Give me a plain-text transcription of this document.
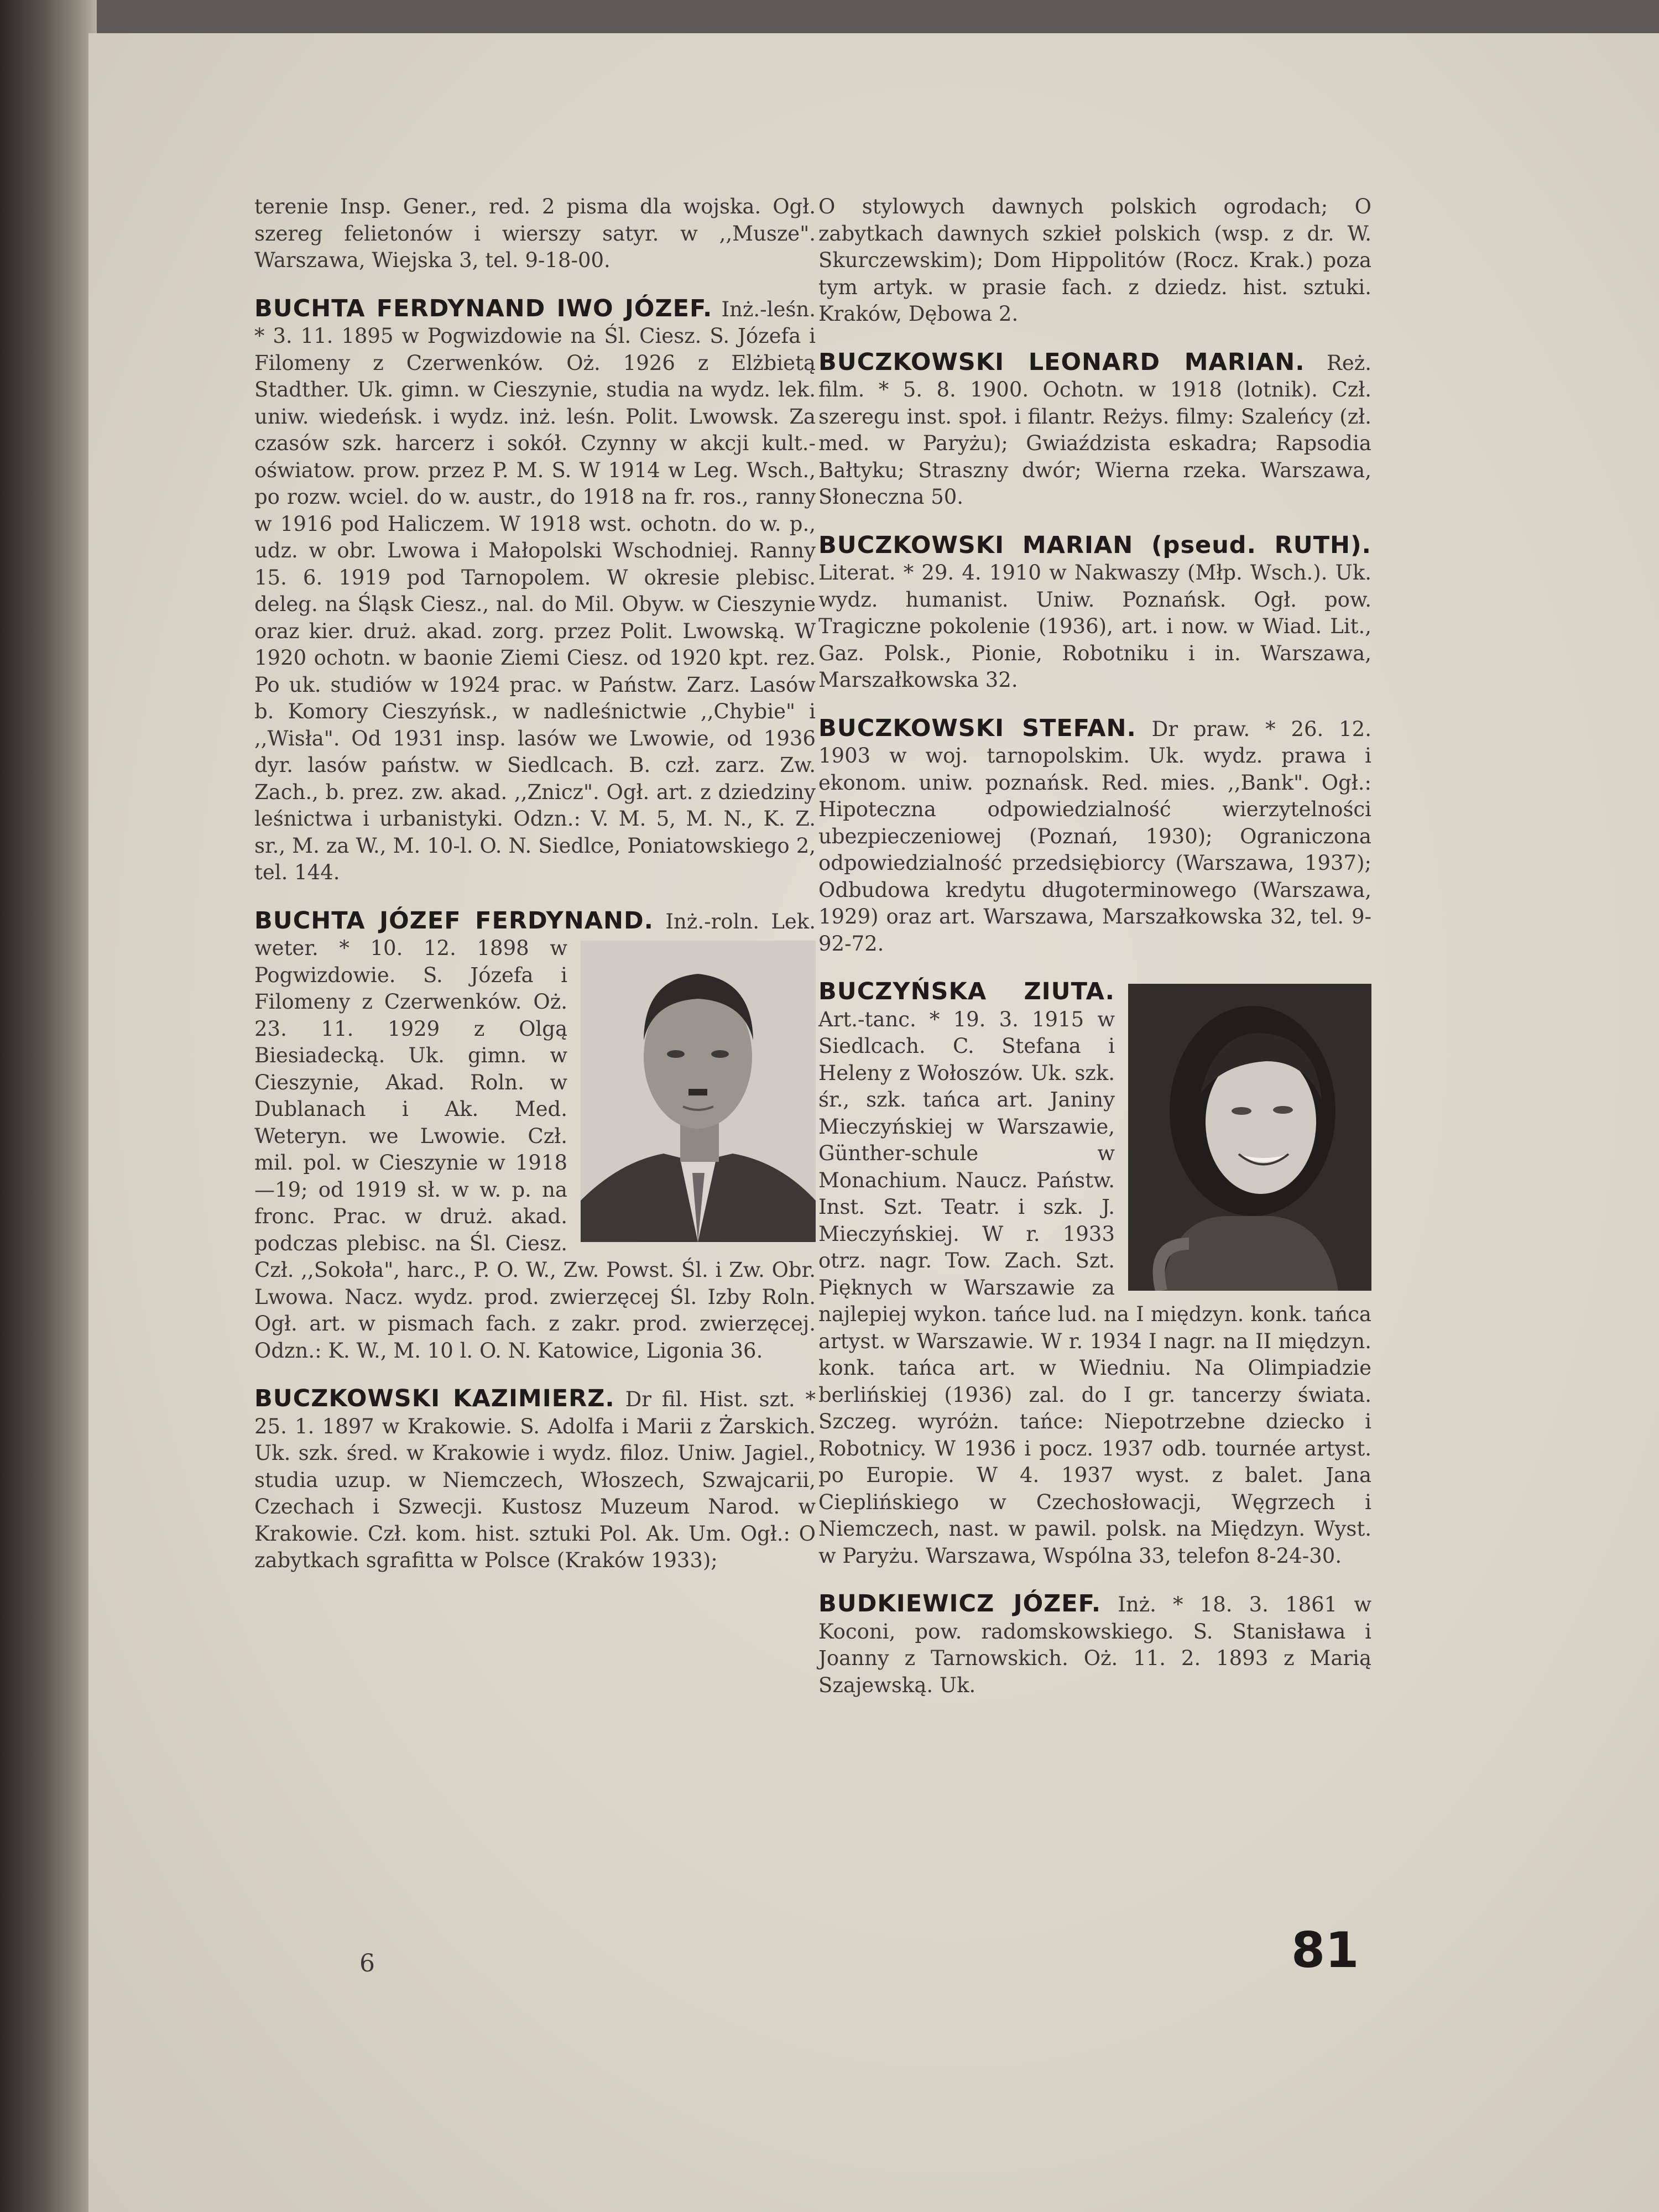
terenie Insp. Gener., red. 2 pisma dla wojska. Ogł. szereg felietonów i wierszy satyr. w ,,Musze". Warszawa, Wiejska 3, tel. 9-18-00.

BUCHTA FERDYNAND IWO JÓZEF. Inż.-leśn. * 3. 11. 1895 w Pogwizdowie na Śl. Ciesz. S. Józefa i Filomeny z Czerwenków. Oż. 1926 z Elżbietą Stadther. Uk. gimn. w Cieszynie, studia na wydz. lek. uniw. wiedeńsk. i wydz. inż. leśn. Polit. Lwowsk. Za czasów szk. harcerz i sokół. Czynny w akcji kult.-oświatow. prow. przez P. M. S. W 1914 w Leg. Wsch., po rozw. wciel. do w. austr., do 1918 na fr. ros., ranny w 1916 pod Haliczem. W 1918 wst. ochotn. do w. p., udz. w obr. Lwowa i Małopolski Wschodniej. Ranny 15. 6. 1919 pod Tarnopolem. W okresie plebisc. deleg. na Śląsk Ciesz., nal. do Mil. Obyw. w Cieszynie oraz kier. druż. akad. zorg. przez Polit. Lwowską. W 1920 ochotn. w baonie Ziemi Ciesz. od 1920 kpt. rez. Po uk. studiów w 1924 prac. w Państw. Zarz. Lasów b. Komory Cieszyńsk., w nadleśnictwie ,,Chybie" i ,,Wisła". Od 1931 insp. lasów we Lwowie, od 1936 dyr. lasów państw. w Siedlcach. B. czł. zarz. Zw. Zach., b. prez. zw. akad. ,,Znicz". Ogł. art. z dziedziny leśnictwa i urbanistyki. Odzn.: V. M. 5, M. N., K. Z. sr., M. za W., M. 10-l. O. N. Siedlce, Poniatowskiego 2, tel. 144.

BUCHTA JÓZEF FERDYNAND. Inż.-roln. Lek. weter. * 10. 12. 1898 w Pogwizdowie. S. Józefa i Filomeny z Czerwenków. Oż. 23. 11. 1929 z Olgą Biesiadecką. Uk. gimn. w Cieszynie, Akad. Roln. w Dublanach i Ak. Med. Weteryn. we Lwowie. Czł. mil. pol. w Cieszynie w 1918—19; od 1919 sł. w w. p. na fronc. Prac. w druż. akad. podczas plebisc. na Śl. Ciesz. Czł. ,,Sokoła", harc., P. O. W., Zw. Powst. Śl. i Zw. Obr. Lwowa. Nacz. wydz. prod. zwierzęcej Śl. Izby Roln. Ogł. art. w pismach fach. z zakr. prod. zwierzęcej. Odzn.: K. W., M. 10 l. O. N. Katowice, Ligonia 36.

BUCZKOWSKI KAZIMIERZ. Dr fil. Hist. szt. * 25. 1. 1897 w Krakowie. S. Adolfa i Marii z Żarskich. Uk. szk. śred. w Krakowie i wydz. filoz. Uniw. Jagiel., studia uzup. w Niemczech, Włoszech, Szwajcarii, Czechach i Szwecji. Kustosz Muzeum Narod. w Krakowie. Czł. kom. hist. sztuki Pol. Ak. Um. Ogł.: O zabytkach sgrafitta w Polsce (Kraków 1933);

O stylowych dawnych polskich ogrodach; O zabytkach dawnych szkieł polskich (wsp. z dr. W. Skurczewskim); Dom Hippolitów (Rocz. Krak.) poza tym artyk. w prasie fach. z dziedz. hist. sztuki. Kraków, Dębowa 2.

BUCZKOWSKI LEONARD MARIAN. Reż. film. * 5. 8. 1900. Ochotn. w 1918 (lotnik). Czł. szeregu inst. społ. i filantr. Reżys. filmy: Szaleńcy (zł. med. w Paryżu); Gwiaździsta eskadra; Rapsodia Bałtyku; Straszny dwór; Wierna rzeka. Warszawa, Słoneczna 50.

BUCZKOWSKI MARIAN (pseud. RUTH). Literat. * 29. 4. 1910 w Nakwaszy (Młp. Wsch.). Uk. wydz. humanist. Uniw. Poznańsk. Ogł. pow. Tragiczne pokolenie (1936), art. i now. w Wiad. Lit., Gaz. Polsk., Pionie, Robotniku i in. Warszawa, Marszałkowska 32.

BUCZKOWSKI STEFAN. Dr praw. * 26. 12. 1903 w woj. tarnopolskim. Uk. wydz. prawa i ekonom. uniw. poznańsk. Red. mies. ,,Bank". Ogł.: Hipoteczna odpowiedzialność wierzytelności ubezpieczeniowej (Poznań, 1930); Ograniczona odpowiedzialność przedsiębiorcy (Warszawa, 1937); Odbudowa kredytu długoterminowego (Warszawa, 1929) oraz art. Warszawa, Marszałkowska 32, tel. 9-92-72.

BUCZYŃSKA ZIUTA.
Art.-tanc. * 19. 3. 1915 w Siedlcach. C. Stefana i Heleny z Wołoszów. Uk. szk. śr., szk. tańca art. Janiny Mieczyńskiej w Warszawie, Günther-schule w Monachium. Naucz. Państw. Inst. Szt. Teatr. i szk. J. Mieczyńskiej. W r. 1933 otrz. nagr. Tow. Zach. Szt. Pięknych w Warszawie za najlepiej wykon. tańce lud. na I międzyn. konk. tańca artyst. w Warszawie. W r. 1934 I nagr. na II międzyn. konk. tańca art. w Wiedniu. Na Olimpiadzie berlińskiej (1936) zal. do I gr. tancerzy świata. Szczeg. wyróżn. tańce: Niepotrzebne dziecko i Robotnicy. W 1936 i pocz. 1937 odb. tournée artyst. po Europie. W 4. 1937 wyst. z balet. Jana Cieplińskiego w Czechosłowacji, Węgrzech i Niemczech, nast. w pawil. polsk. na Międzyn. Wyst. w Paryżu. Warszawa, Wspólna 33, telefon 8-24-30.

BUDKIEWICZ JÓZEF. Inż. * 18. 3. 1861 w Koconi, pow. radomskowskiego. S. Stanisława i Joanny z Tarnowskich. Oż. 11. 2. 1893 z Marią Szajewską. Uk.

6	81
